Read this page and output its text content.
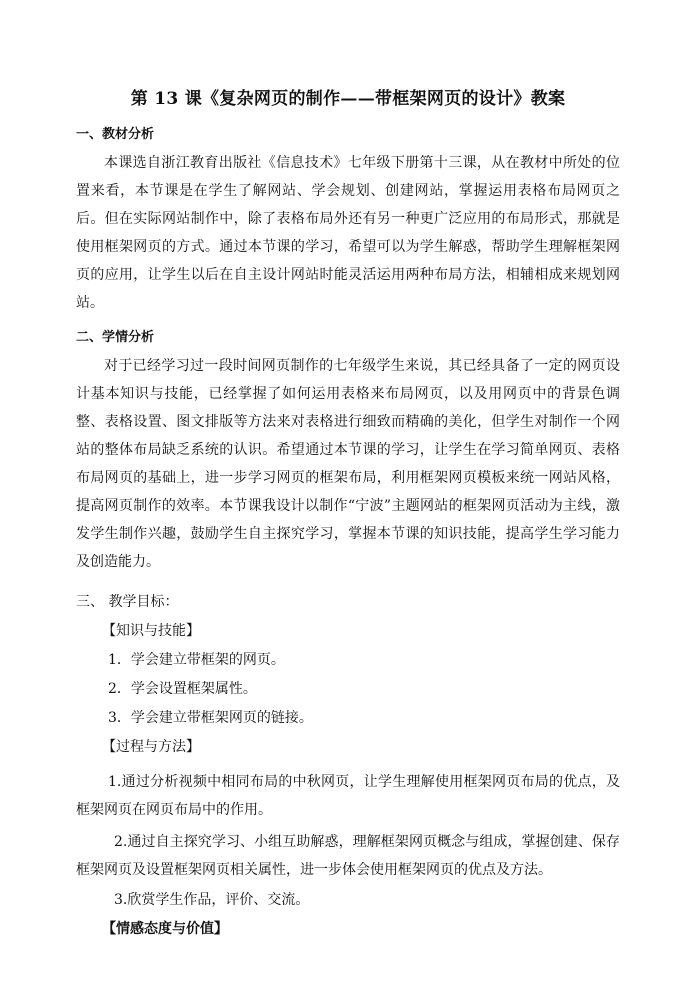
第 13 课《复杂网页的制作——带框架网页的设计》教案

一、教材分析

本课选自浙江教育出版社《信息技术》七年级下册第十三课，从在教材中所处的位置来看，本节课是在学生了解网站、学会规划、创建网站，掌握运用表格布局网页之后。但在实际网站制作中，除了表格布局外还有另一种更广泛应用的布局形式，那就是使用框架网页的方式。通过本节课的学习，希望可以为学生解惑，帮助学生理解框架网页的应用，让学生以后在自主设计网站时能灵活运用两种布局方法，相辅相成来规划网站。

二、学情分析

对于已经学习过一段时间网页制作的七年级学生来说，其已经具备了一定的网页设计基本知识与技能，已经掌握了如何运用表格来布局网页，以及用网页中的背景色调整、表格设置、图文排版等方法来对表格进行细致而精确的美化，但学生对制作一个网站的整体布局缺乏系统的认识。希望通过本节课的学习，让学生在学习简单网页、表格布局网页的基础上，进一步学习网页的框架布局，利用框架网页模板来统一网站风格，提高网页制作的效率。本节课我设计以制作“宁波”主题网站的框架网页活动为主线，激发学生制作兴趣，鼓励学生自主探究学习，掌握本节课的知识技能，提高学生学习能力及创造能力。

三、 教学目标：

【知识与技能】

1．学会建立带框架的网页。

2．学会设置框架属性。

3．学会建立带框架网页的链接。

【过程与方法】

1.通过分析视频中相同布局的中秋网页，让学生理解使用框架网页布局的优点，及框架网页在网页布局中的作用。

2.通过自主探究学习、小组互助解惑，理解框架网页概念与组成，掌握创建、保存框架网页及设置框架网页相关属性，进一步体会使用框架网页的优点及方法。

3.欣赏学生作品，评价、交流。

【情感态度与价值】
